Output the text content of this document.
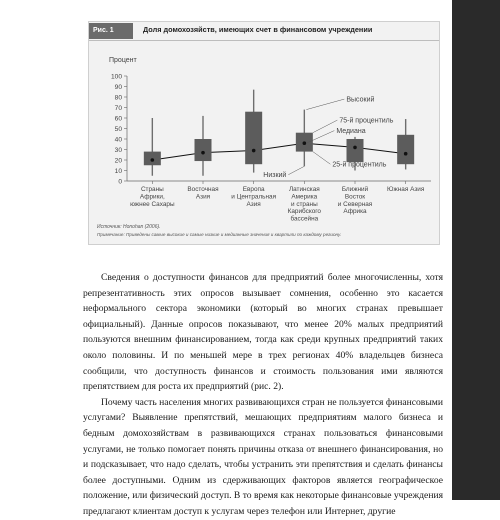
Рис. 1	Доля домохозяйств, имеющих счет в финансовом учреждении
Процент
0
10
20
30
40
50
60
70
80
90
100
Страны
Африки,
южнее Сахары
Восточная
Азия
Европа
и Центральная
Азия
Латинская
Америка
и страны
Карибского
бассейна
Ближний
Восток
и Северная
Африка
Южная Азия
Высокий
75-й процентиль
Медиана
25-й процентиль
Низкий
Источник: Honohan (2006).
Примечание: Приведены самые высокие и самые низкие и медианные значения и квартили по каждому региону.

Сведения о доступности финансов для предприятий более многочисленны, хотя репрезентативность этих опросов вызывает сомнения, особенно это касается неформального сектора экономики (который во многих странах превышает официальный). Данные опросов показывают, что менее 20% малых предприятий пользуются внешним финансированием, тогда как среди крупных предприятий таких около половины. И по меньшей мере в трех регионах 40% владельцев бизнеса сообщили, что доступность финансов и стоимость пользования ими являются препятствием для роста их предприятий (рис. 2).

Почему часть населения многих развивающихся стран не пользуется финансовыми услугами? Выявление препятствий, мешающих предприятиям малого бизнеса и бедным домохозяйствам в развивающихся странах пользоваться финансовыми услугами, не только помогает понять причины отказа от внешнего финансирования, но и подсказывает, что надо сделать, чтобы устранить эти препятствия и сделать финансы более доступными. Одним из сдерживающих факторов является географическое положение, или физический доступ. В то время как некоторые финансовые учреждения предлагают клиентам доступ к услугам через телефон или Интернет, другие
